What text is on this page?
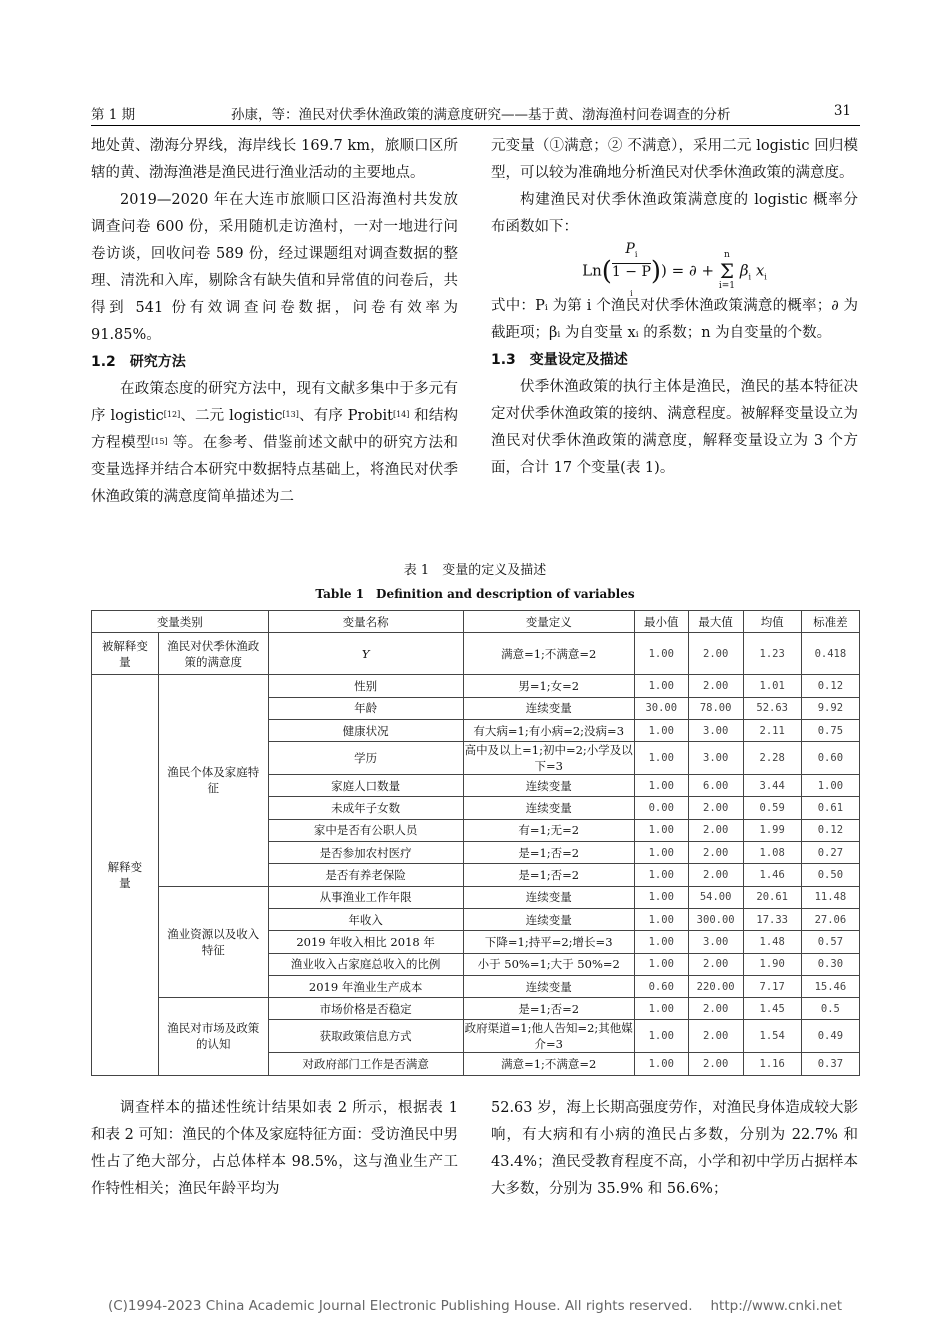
第 1 期	孙康，等：渔民对伏季休渔政策的满意度研究——基于黄、渤海渔村问卷调查的分析	31

地处黄、渤海分界线，海岸线长 169.7 km，旅顺口区所辖的黄、渤海渔港是渔民进行渔业活动的主要地点。

2019—2020 年在大连市旅顺口区沿海渔村共发放调查问卷 600 份，采用随机走访渔村，一对一地进行问卷访谈，回收问卷 589 份，经过课题组对调查数据的整理、清洗和入库，剔除含有缺失值和异常值的问卷后，共得到 541 份有效调查问卷数据，问卷有效率为 91.85%。

1.2　研究方法

在政策态度的研究方法中，现有文献多集中于多元有序 logistic[12]、二元 logistic[13]、有序 Probit[14] 和结构方程模型[15] 等。在参考、借鉴前述文献中的研究方法和变量选择并结合本研究中数据特点基础上，将渔民对伏季休渔政策的满意度简单描述为二

元变量（①满意；② 不满意），采用二元 logistic 回归模型，可以较为准确地分析渔民对伏季休渔政策的满意度。

构建渔民对伏季休渔政策满意度的 logistic 概率分布函数如下：

Ln( $P_i$
1 − P
$_i$ )) = ∂ +
n
Σ
i=1
$\beta_i$ $x_i$

式中：Pᵢ 为第 i 个渔民对伏季休渔政策满意的概率；∂ 为截距项；βᵢ 为自变量 xᵢ 的系数；n 为自变量的个数。

1.3　变量设定及描述

伏季休渔政策的执行主体是渔民，渔民的基本特征决定对伏季休渔政策的接纳、满意程度。被解释变量设立为渔民对伏季休渔政策的满意度，解释变量设立为 3 个方面，合计 17 个变量(表 1)。

表 1　变量的定义及描述
Table 1　Definition and description of variables
变量类别		变量名称	变量定义	最小值	最大值	均值	标准差
被解释变量	渔民对伏季休渔政策的满意度	Y	满意=1;不满意=2	1.00	2.00	1.23	0.418
解释变量	渔民个体及家庭特征	性别	男=1;女=2	1.00	2.00	1.01	0.12
		年龄	连续变量	30.00	78.00	52.63	9.92
		健康状况	有大病=1;有小病=2;没病=3	1.00	3.00	2.11	0.75
		学历	高中及以上=1;初中=2;小学及以下=3	1.00	3.00	2.28	0.60
		家庭人口数量	连续变量	1.00	6.00	3.44	1.00
		未成年子女数	连续变量	0.00	2.00	0.59	0.61
		家中是否有公职人员	有=1;无=2	1.00	2.00	1.99	0.12
		是否参加农村医疗	是=1;否=2	1.00	2.00	1.08	0.27
		是否有养老保险	是=1;否=2	1.00	2.00	1.46	0.50
	渔业资源以及收入特征	从事渔业工作年限	连续变量	1.00	54.00	20.61	11.48
		年收入	连续变量	1.00	300.00	17.33	27.06
		2019 年收入相比 2018 年	下降=1;持平=2;增长=3	1.00	3.00	1.48	0.57
		渔业收入占家庭总收入的比例	小于 50%=1;大于 50%=2	1.00	2.00	1.90	0.30
		2019 年渔业生产成本	连续变量	0.60	220.00	7.17	15.46
	渔民对市场及政策的认知	市场价格是否稳定	是=1;否=2	1.00	2.00	1.45	0.5
		获取政策信息方式	政府渠道=1;他人告知=2;其他媒介=3	1.00	2.00	1.54	0.49
		对政府部门工作是否满意	满意=1;不满意=2	1.00	2.00	1.16	0.37

调查样本的描述性统计结果如表 2 所示，根据表 1 和表 2 可知：渔民的个体及家庭特征方面：受访渔民中男性占了绝大部分，占总体样本 98.5%，这与渔业生产工作特性相关；渔民年龄平均为

52.63 岁，海上长期高强度劳作，对渔民身体造成较大影响，有大病和有小病的渔民占多数，分别为 22.7% 和 43.4%；渔民受教育程度不高，小学和初中学历占据样本大多数，分别为 35.9% 和 56.6%；

(C)1994-2023 China Academic Journal Electronic Publishing House. All rights reserved. http://www.cnki.net
